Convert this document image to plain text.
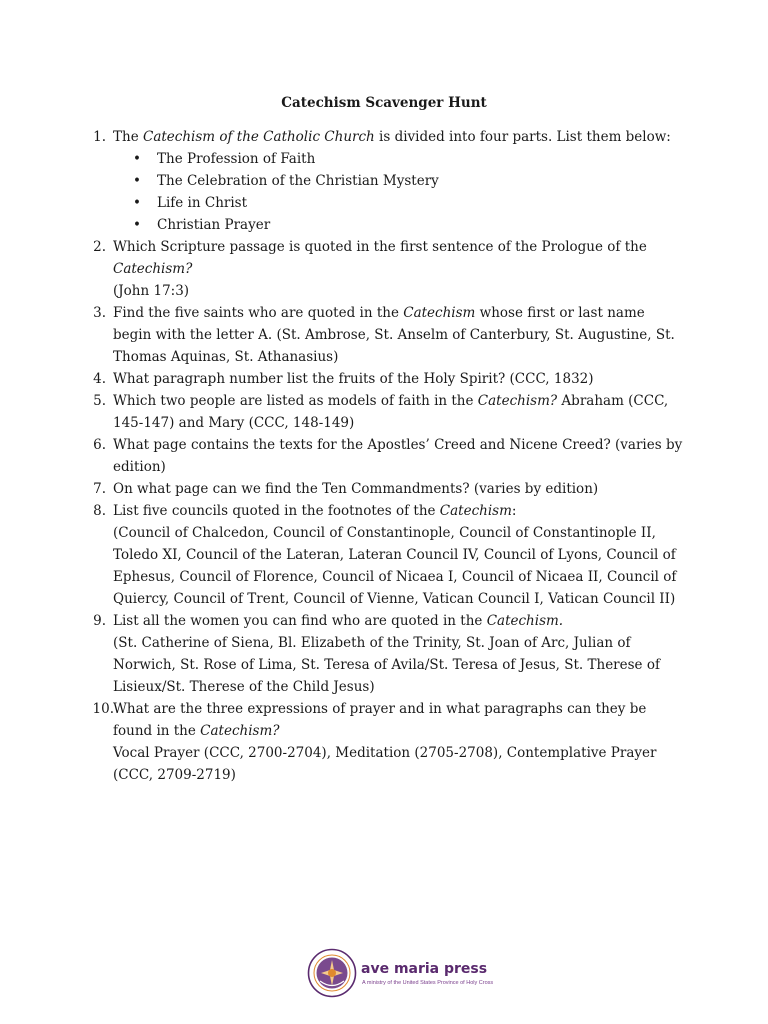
Catechism Scavenger Hunt
1. The Catechism of the Catholic Church is divided into four parts. List them below:
• The Profession of Faith
• The Celebration of the Christian Mystery
• Life in Christ
• Christian Prayer
2. Which Scripture passage is quoted in the first sentence of the Prologue of the Catechism?
(John 17:3)
3. Find the five saints who are quoted in the Catechism whose first or last name begin with the letter A. (St. Ambrose, St. Anselm of Canterbury, St. Augustine, St. Thomas Aquinas, St. Athanasius)
4. What paragraph number list the fruits of the Holy Spirit? (CCC, 1832)
5. Which two people are listed as models of faith in the Catechism? Abraham (CCC, 145-147) and Mary (CCC, 148-149)
6. What page contains the texts for the Apostles’ Creed and Nicene Creed? (varies by edition)
7. On what page can we find the Ten Commandments? (varies by edition)
8. List five councils quoted in the footnotes of the Catechism:
(Council of Chalcedon, Council of Constantinople, Council of Constantinople II, Toledo XI, Council of the Lateran, Lateran Council IV, Council of Lyons, Council of Ephesus, Council of Florence, Council of Nicaea I, Council of Nicaea II, Council of Quiercy, Council of Trent, Council of Vienne, Vatican Council I, Vatican Council II)
9. List all the women you can find who are quoted in the Catechism.
(St. Catherine of Siena, Bl. Elizabeth of the Trinity, St. Joan of Arc, Julian of Norwich, St. Rose of Lima, St. Teresa of Avila/St. Teresa of Jesus, St. Therese of Lisieux/St. Therese of the Child Jesus)
10. What are the three expressions of prayer and in what paragraphs can they be found in the Catechism?
Vocal Prayer (CCC, 2700-2704), Meditation (2705-2708), Contemplative Prayer (CCC, 2709-2719)
ave maria press
A ministry of the United States Province of Holy Cross
